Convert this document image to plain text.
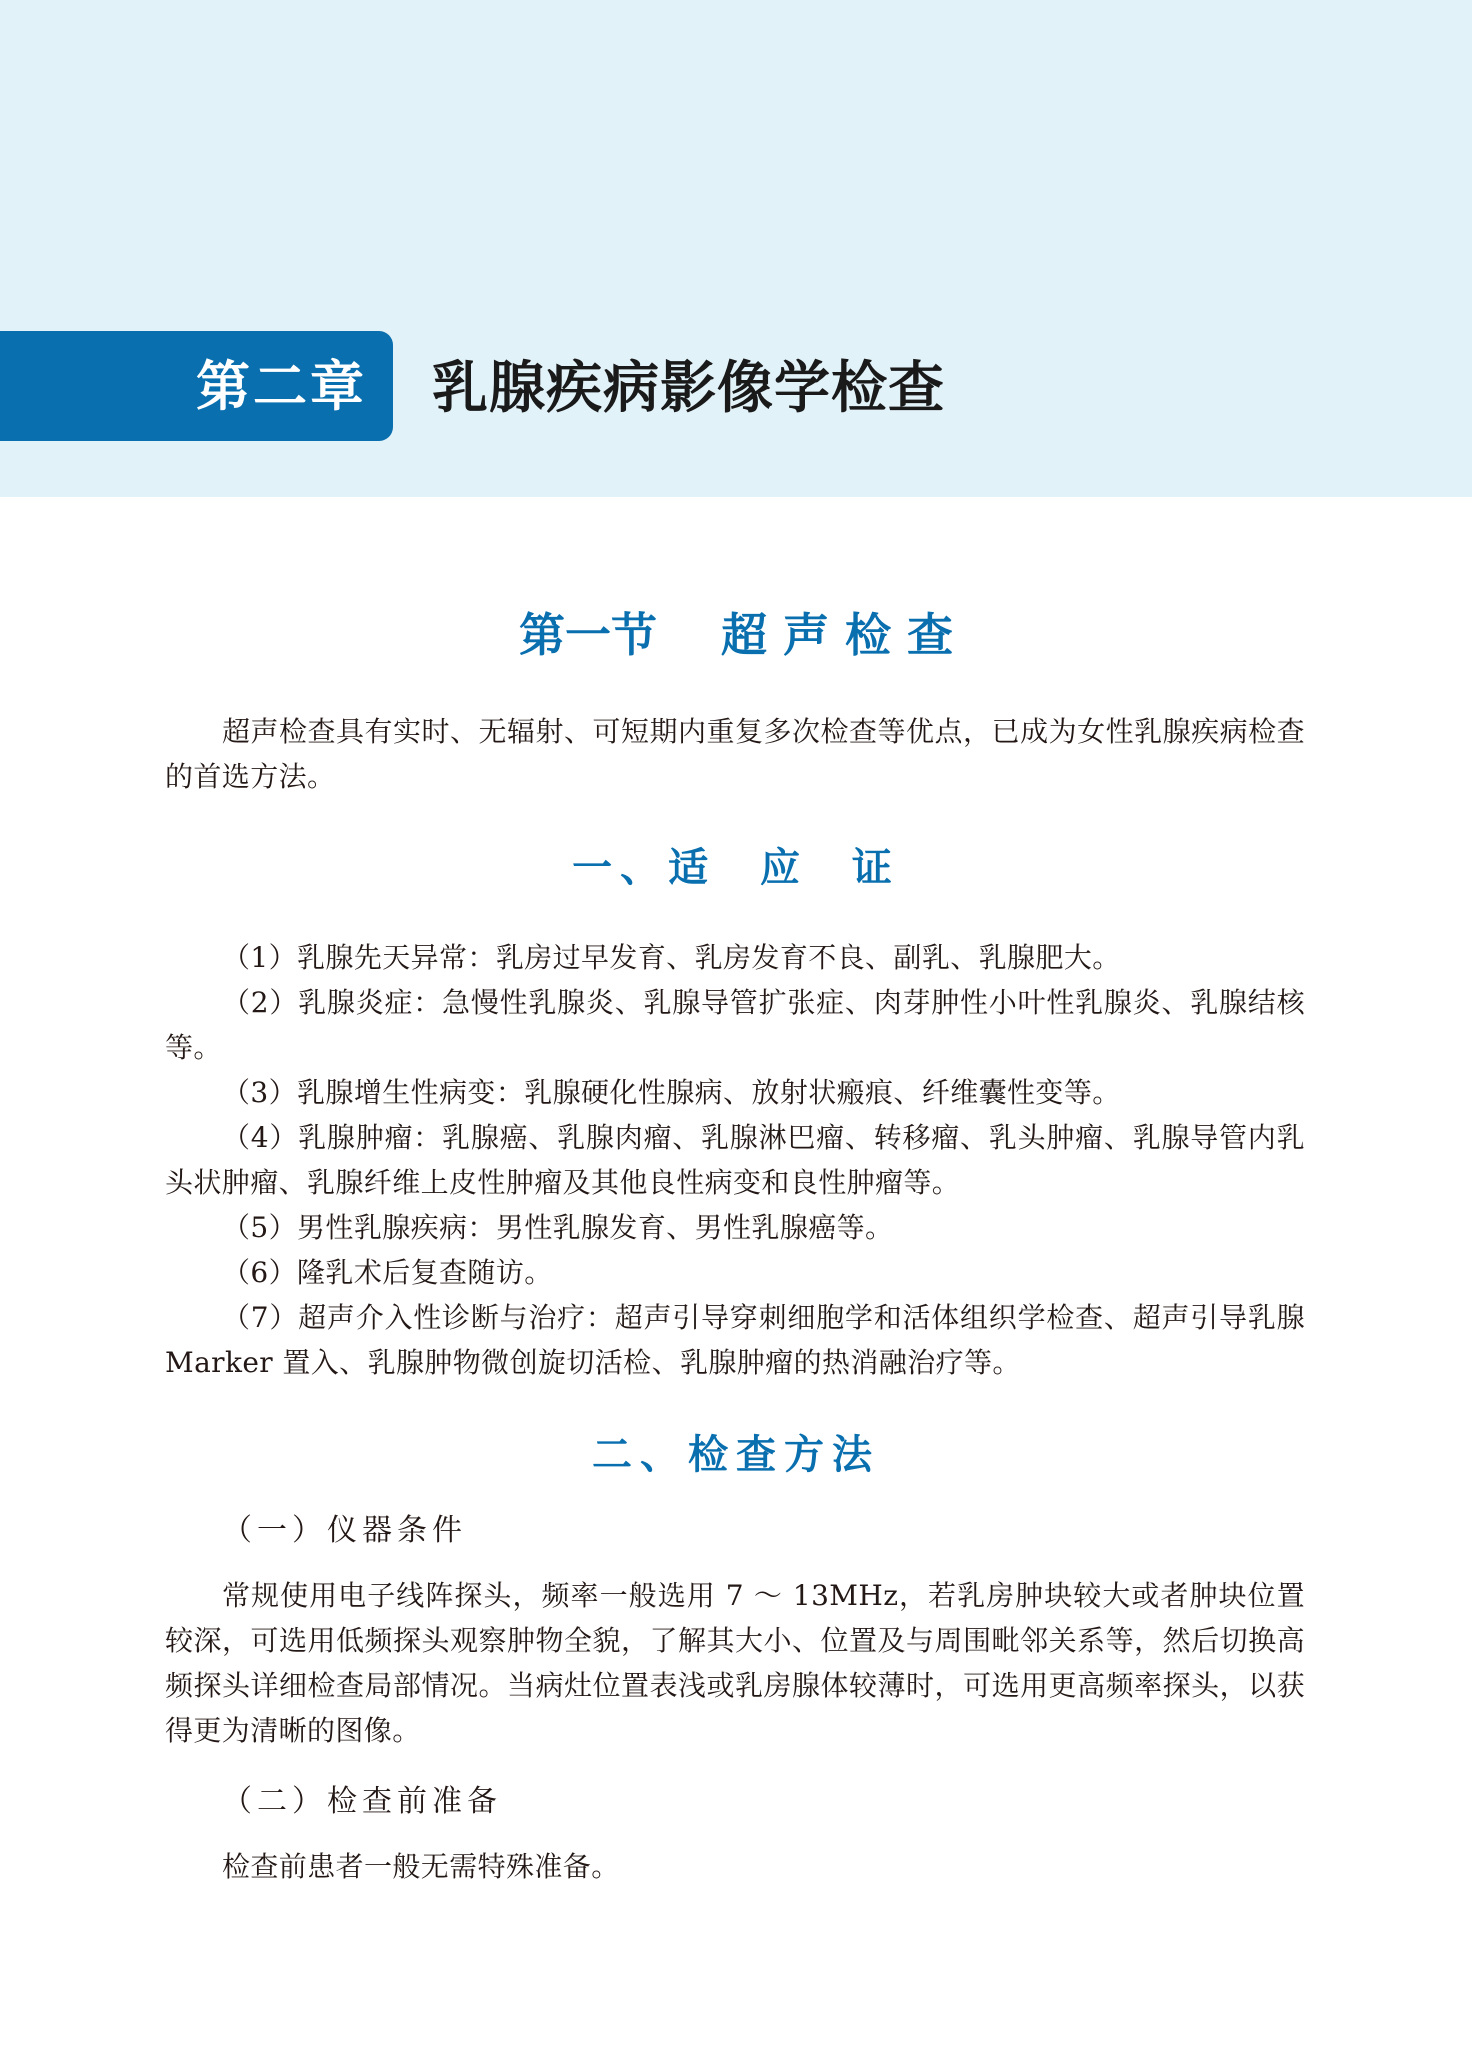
第二章 乳腺疾病影像学检查
第一节    超 声 检 查

超声检查具有实时、无辐射、可短期内重复多次检查等优点，已成为女性乳腺疾病检查的首选方法。

一、适  应  证

（1）乳腺先天异常：乳房过早发育、乳房发育不良、副乳、乳腺肥大。

（2）乳腺炎症：急慢性乳腺炎、乳腺导管扩张症、肉芽肿性小叶性乳腺炎、乳腺结核等。

（3）乳腺增生性病变：乳腺硬化性腺病、放射状瘢痕、纤维囊性变等。

（4）乳腺肿瘤：乳腺癌、乳腺肉瘤、乳腺淋巴瘤、转移瘤、乳头肿瘤、乳腺导管内乳头状肿瘤、乳腺纤维上皮性肿瘤及其他良性病变和良性肿瘤等。

（5）男性乳腺疾病：男性乳腺发育、男性乳腺癌等。

（6）隆乳术后复查随访。

（7）超声介入性诊断与治疗：超声引导穿刺细胞学和活体组织学检查、超声引导乳腺 Marker 置入、乳腺肿物微创旋切活检、乳腺肿瘤的热消融治疗等。

二、检查方法
（一）仪器条件

常规使用电子线阵探头，频率一般选用 7 ～ 13MHz，若乳房肿块较大或者肿块位置较深，可选用低频探头观察肿物全貌，了解其大小、位置及与周围毗邻关系等，然后切换高频探头详细检查局部情况。当病灶位置表浅或乳房腺体较薄时，可选用更高频率探头，以获得更为清晰的图像。

（二）检查前准备

检查前患者一般无需特殊准备。
